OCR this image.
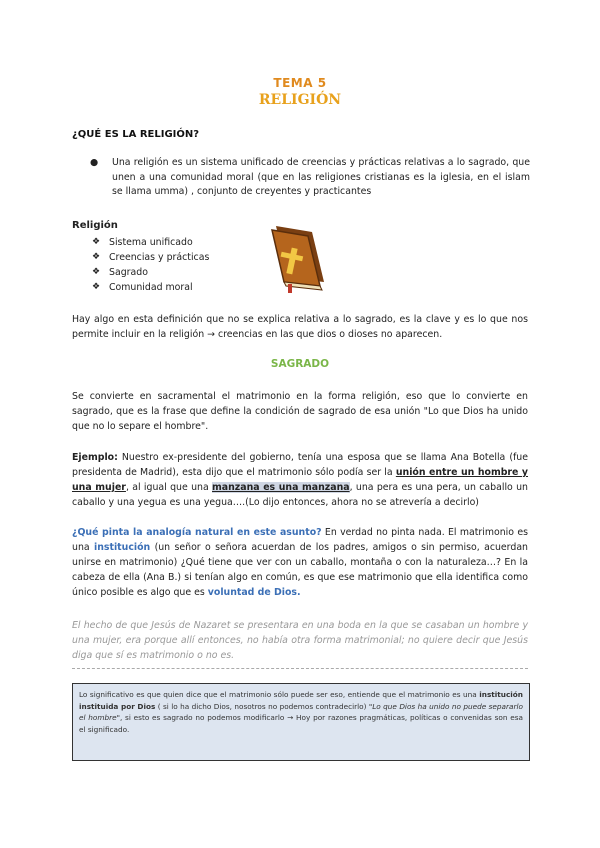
TEMA 5
RELIGIÓN
¿QUÉ ES LA RELIGIÓN?
● Una religión es un sistema unificado de creencias y prácticas relativas a lo sagrado, que unen a una comunidad moral (que en las religiones cristianas es la iglesia, en el islam se llama umma) , conjunto de creyentes y practicantes
Religión
❖ Sistema unificado
❖ Creencias y prácticas
❖ Sagrado
❖ Comunidad moral
Hay algo en esta definición que no se explica relativa a lo sagrado, es la clave y es lo que nos permite incluir en la religión → creencias en las que dios o dioses no aparecen.
SAGRADO
Se convierte en sacramental el matrimonio en la forma religión, eso que lo convierte en sagrado, que es la frase que define la condición de sagrado de esa unión "Lo que Dios ha unido que no lo separe el hombre".
Ejemplo: Nuestro ex-presidente del gobierno, tenía una esposa que se llama Ana Botella (fue presidenta de Madrid), esta dijo que el matrimonio sólo podía ser la unión entre un hombre y una mujer, al igual que una manzana es una manzana, una pera es una pera, un caballo un caballo y una yegua es una yegua….(Lo dijo entonces, ahora no se atrevería a decirlo)
¿Qué pinta la analogía natural en este asunto? En verdad no pinta nada. El matrimonio es una institución (un señor o señora acuerdan de los padres, amigos o sin permiso, acuerdan unirse en matrimonio) ¿Qué tiene que ver con un caballo, montaña o con la naturaleza…? En la cabeza de ella (Ana B.) si tenían algo en común, es que ese matrimonio que ella identifica como único posible es algo que es voluntad de Dios.
El hecho de que Jesús de Nazaret se presentara en una boda en la que se casaban un hombre y una mujer, era porque allí entonces, no había otra forma matrimonial; no quiere decir que Jesús diga que sí es matrimonio o no es.
Lo significativo es que quien dice que el matrimonio sólo puede ser eso, entiende que el matrimonio es una institución instituida por Dios ( si lo ha dicho Dios, nosotros no podemos contradecirlo) "Lo que Dios ha unido no puede separarlo el hombre", si esto es sagrado no podemos modificarlo → Hoy por razones pragmáticas, políticas o convenidas son esa el significado.
